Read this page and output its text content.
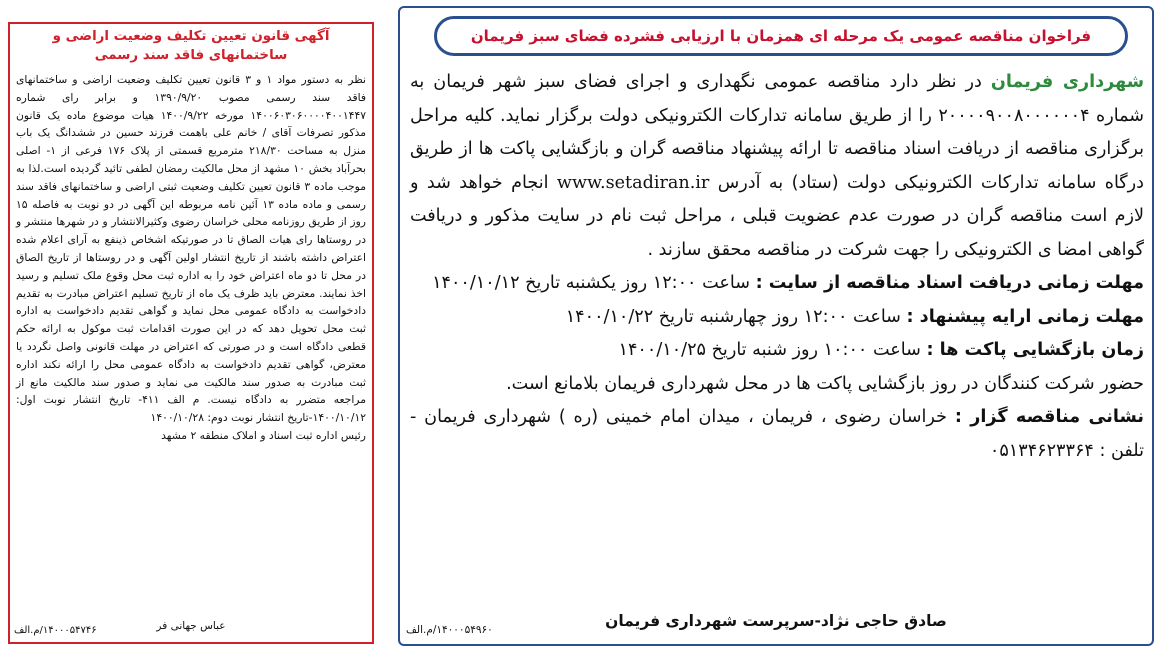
فراخوان مناقصه عمومی یک مرحله ای همزمان با ارزیابی فشرده فضای سبز فریمان

شهرداری فریمان در نظر دارد مناقصه عمومی نگهداری و اجرای فضای سبز شهر فریمان به شماره ۲۰۰۰۰۹۰۰۸۰۰۰۰۰۰۴ را از طریق سامانه تدارکات الکترونیکی دولت برگزار نماید. کلیه مراحل برگزاری مناقصه از دریافت اسناد مناقصه تا ارائه پیشنهاد مناقصه گران و بازگشایی پاکت ها از طریق درگاه سامانه تدارکات الکترونیکی دولت (ستاد) به آدرس www.setadiran.ir انجام خواهد شد و لازم است مناقصه گران در صورت عدم عضویت قبلی ، مراحل ثبت نام در سایت مذکور و دریافت گواهی امضا ی الکترونیکی را جهت شرکت در مناقصه محقق سازند .

مهلت زمانی دریافت اسناد مناقصه از سایت : ساعت ۱۲:۰۰ روز یکشنبه تاریخ ۱۴۰۰/۱۰/۱۲

مهلت زمانی ارایه پیشنهاد : ساعت ۱۲:۰۰ روز چهارشنبه تاریخ ۱۴۰۰/۱۰/۲۲

زمان بازگشایی پاکت ها : ساعت ۱۰:۰۰ روز شنبه تاریخ ۱۴۰۰/۱۰/۲۵

حضور شرکت کنندگان در روز بازگشایی پاکت ها در محل شهرداری فریمان بلامانع است.

نشانی مناقصه گزار : خراسان رضوی ، فریمان ، میدان امام خمینی (ره ) شهرداری فریمان - تلفن : ۰۵۱۳۴۶۲۳۳۶۴

صادق حاجی نژاد-سرپرست شهرداری فریمان
۱۴۰۰۰۵۴۹۶۰/م.الف
آگهی قانون تعیین تکلیف وضعیت اراضی و ساختمانهای فاقد سند رسمی

نظر به دستور مواد ۱ و ۳ قانون تعیین تکلیف وضعیت اراضی و ساختمانهای فاقد سند رسمی مصوب ۱۳۹۰/۹/۲۰ و برابر رای شماره ۱۴۰۰۶۰۳۰۶۰۰۰۰۴۰۰۱۴۴۷ مورخه ۱۴۰۰/۹/۲۲ هیات موضوع ماده یک قانون مذکور تصرفات آقای / خانم علی باهمت فرزند حسین در ششدانگ یک باب منزل به مساحت ۲۱۸/۳۰ مترمربع قسمتی از پلاک ۱۷۶ فرعی از ۱- اصلی بحرآباد بخش ۱۰ مشهد از محل مالکیت رمضان لطفی تائید گردیده است.لذا به موجب ماده ۳ قانون تعیین تکلیف وضعیت ثبتی اراضی و ساختمانهای فاقد سند رسمی و ماده ماده ۱۳ آئین نامه مربوطه این آگهی در دو نوبت به فاصله ۱۵ روز از طریق روزنامه محلی خراسان رضوی وکثیرالانتشار و در شهرها منتشر و در روستاها رای هیات الصاق تا در صورتیکه اشخاص ذینفع به آرای اعلام شده اعتراض داشته باشند از تاریخ انتشار اولین آگهی و در روستاها از تاریخ الصاق در محل تا دو ماه اعتراض خود را به اداره ثبت محل وقوع ملک تسلیم و رسید اخذ نمایند. معترض باید ظرف یک ماه از تاریخ تسلیم اعتراض مبادرت به تقدیم دادخواست به دادگاه عمومی محل نماید و گواهی تقدیم دادخواست به اداره ثبت محل تحویل دهد که در این صورت اقدامات ثبت موکول به ارائه حکم قطعی دادگاه است و در صورتی که اعتراض در مهلت قانونی واصل نگردد یا معترض، گواهی تقدیم دادخواست به دادگاه عمومی محل را ارائه نکند اداره ثبت مبادرت به صدور سند مالکیت می نماید و صدور سند مالکیت مانع از مراجعه متضرر به دادگاه نیست. م الف ۴۱۱- تاریخ انتشار نوبت اول: ۱۴۰۰/۱۰/۱۲-تاریخ انتشار نوبت دوم: ۱۴۰۰/۱۰/۲۸

رئیس اداره ثبت اسناد و املاک منطقه ۲ مشهد

عباس جهانی فر
۱۴۰۰۰۵۴۷۴۶/م.الف
